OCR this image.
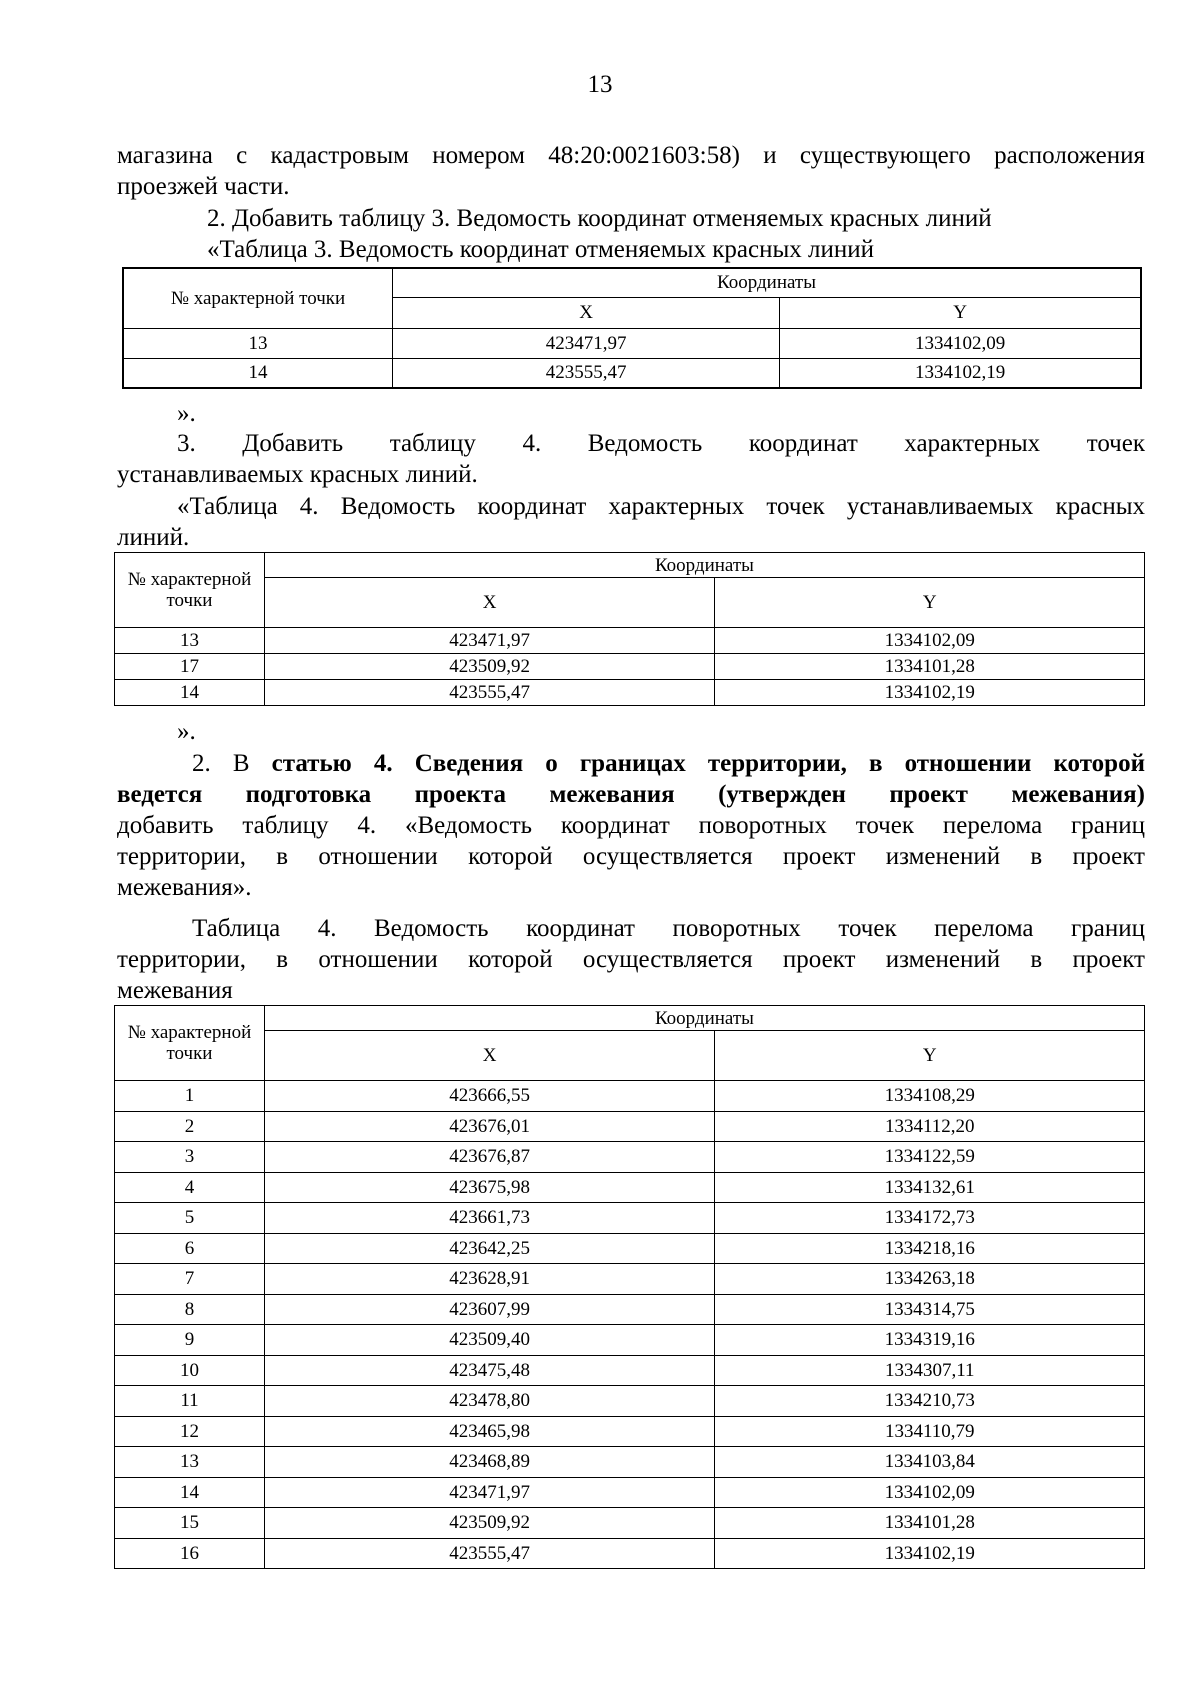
13

магазина с кадастровым номером 48:20:0021603:58) и существующего расположения

проезжей части.

2. Добавить таблицу 3. Ведомость координат отменяемых красных линий

«Таблица 3. Ведомость координат отменяемых красных линий

№ характерной точки	Координаты	
	X	Y
13	423471,97	1334102,09
14	423555,47	1334102,19

».

3. Добавить таблицу 4. Ведомость координат характерных точек

устанавливаемых красных линий.

«Таблица 4. Ведомость координат характерных точек устанавливаемых красных

линий.

№ характерной точки	Координаты	
	X	Y
13	423471,97	1334102,09
17	423509,92	1334101,28
14	423555,47	1334102,19

».

2. В статью 4. Сведения о границах территории, в отношении которой

ведется подготовка проекта межевания (утвержден проект межевания)

добавить таблицу 4. «Ведомость координат поворотных точек перелома границ

территории, в отношении которой осуществляется проект изменений в проект

межевания».

Таблица 4. Ведомость координат поворотных точек перелома границ

территории, в отношении которой осуществляется проект изменений в проект

межевания

№ характерной точки	Координаты	
	X	Y
1	423666,55	1334108,29
2	423676,01	1334112,20
3	423676,87	1334122,59
4	423675,98	1334132,61
5	423661,73	1334172,73
6	423642,25	1334218,16
7	423628,91	1334263,18
8	423607,99	1334314,75
9	423509,40	1334319,16
10	423475,48	1334307,11
11	423478,80	1334210,73
12	423465,98	1334110,79
13	423468,89	1334103,84
14	423471,97	1334102,09
15	423509,92	1334101,28
16	423555,47	1334102,19
